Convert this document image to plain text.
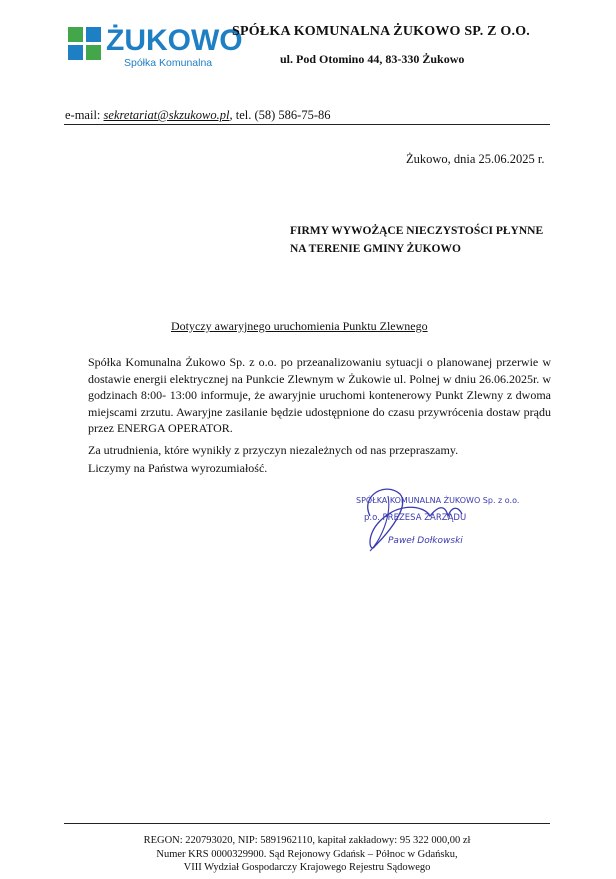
ŻUKOWO
Spółka Komunalna
SPÓŁKA KOMUNALNA ŻUKOWO SP. Z O.O.
ul. Pod Otomino 44, 83-330 Żukowo
e-mail: sekretariat@skzukowo.pl, tel. (58) 586-75-86
Żukowo, dnia 25.06.2025 r.
FIRMY WYWOŻĄCE NIECZYSTOŚCI PŁYNNE
NA TERENIE GMINY ŻUKOWO
Dotyczy awaryjnego uruchomienia Punktu Zlewnego
Spółka Komunalna Żukowo Sp. z o.o. po przeanalizowaniu sytuacji o planowanej przerwie w dostawie energii elektrycznej na Punkcie Zlewnym w Żukowie ul. Polnej w dniu 26.06.2025r. w godzinach 8:00- 13:00 informuje, że awaryjnie uruchomi kontenerowy Punkt Zlewny z dwoma miejscami zrzutu. Awaryjne zasilanie będzie udostępnione do czasu przywrócenia dostaw prądu przez ENERGA OPERATOR.
Za utrudnienia, które wynikły z przyczyn niezależnych od nas przepraszamy.
Liczymy na Państwa wyrozumiałość.
SPÓŁKA KOMUNALNA ŻUKOWO Sp. z o.o.
p.o. PREZESA ZARZĄDU
Paweł Dołkowski
REGON: 220793020, NIP: 5891962110, kapitał zakładowy: 95 322 000,00 zł
Numer KRS 0000329900. Sąd Rejonowy Gdańsk – Północ w Gdańsku,
VIII Wydział Gospodarczy Krajowego Rejestru Sądowego
